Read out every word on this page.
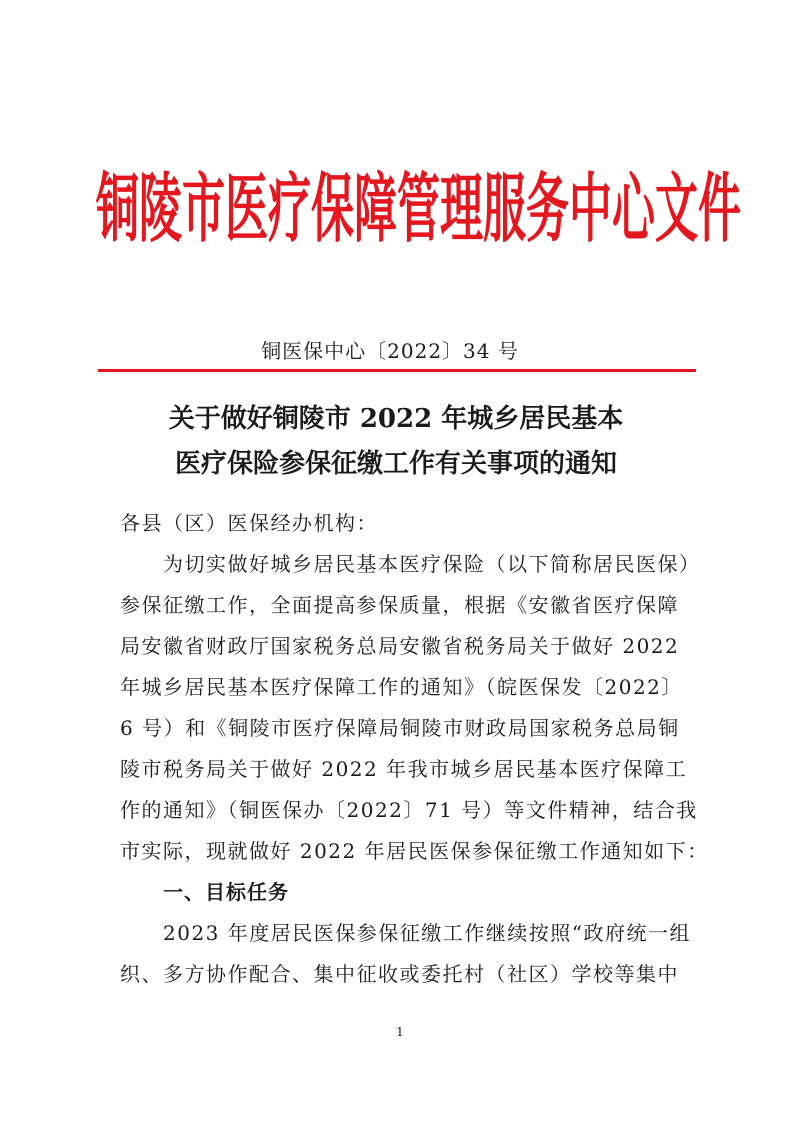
铜陵市医疗保障管理服务中心文件
铜医保中心〔2022〕34 号
关于做好铜陵市 2022 年城乡居民基本
医疗保险参保征缴工作有关事项的通知
各县（区）医保经办机构：
为切实做好城乡居民基本医疗保险（以下简称居民医保）
参保征缴工作，全面提高参保质量，根据《安徽省医疗保障
局安徽省财政厅国家税务总局安徽省税务局关于做好 2022
年城乡居民基本医疗保障工作的通知》（皖医保发〔2022〕
6 号）和《铜陵市医疗保障局铜陵市财政局国家税务总局铜
陵市税务局关于做好 2022 年我市城乡居民基本医疗保障工
作的通知》（铜医保办〔2022〕71 号）等文件精神，结合我
市实际，现就做好 2022 年居民医保参保征缴工作通知如下：
一、目标任务
2023 年度居民医保参保征缴工作继续按照“政府统一组
织、多方协作配合、集中征收或委托村（社区）学校等集中
1
